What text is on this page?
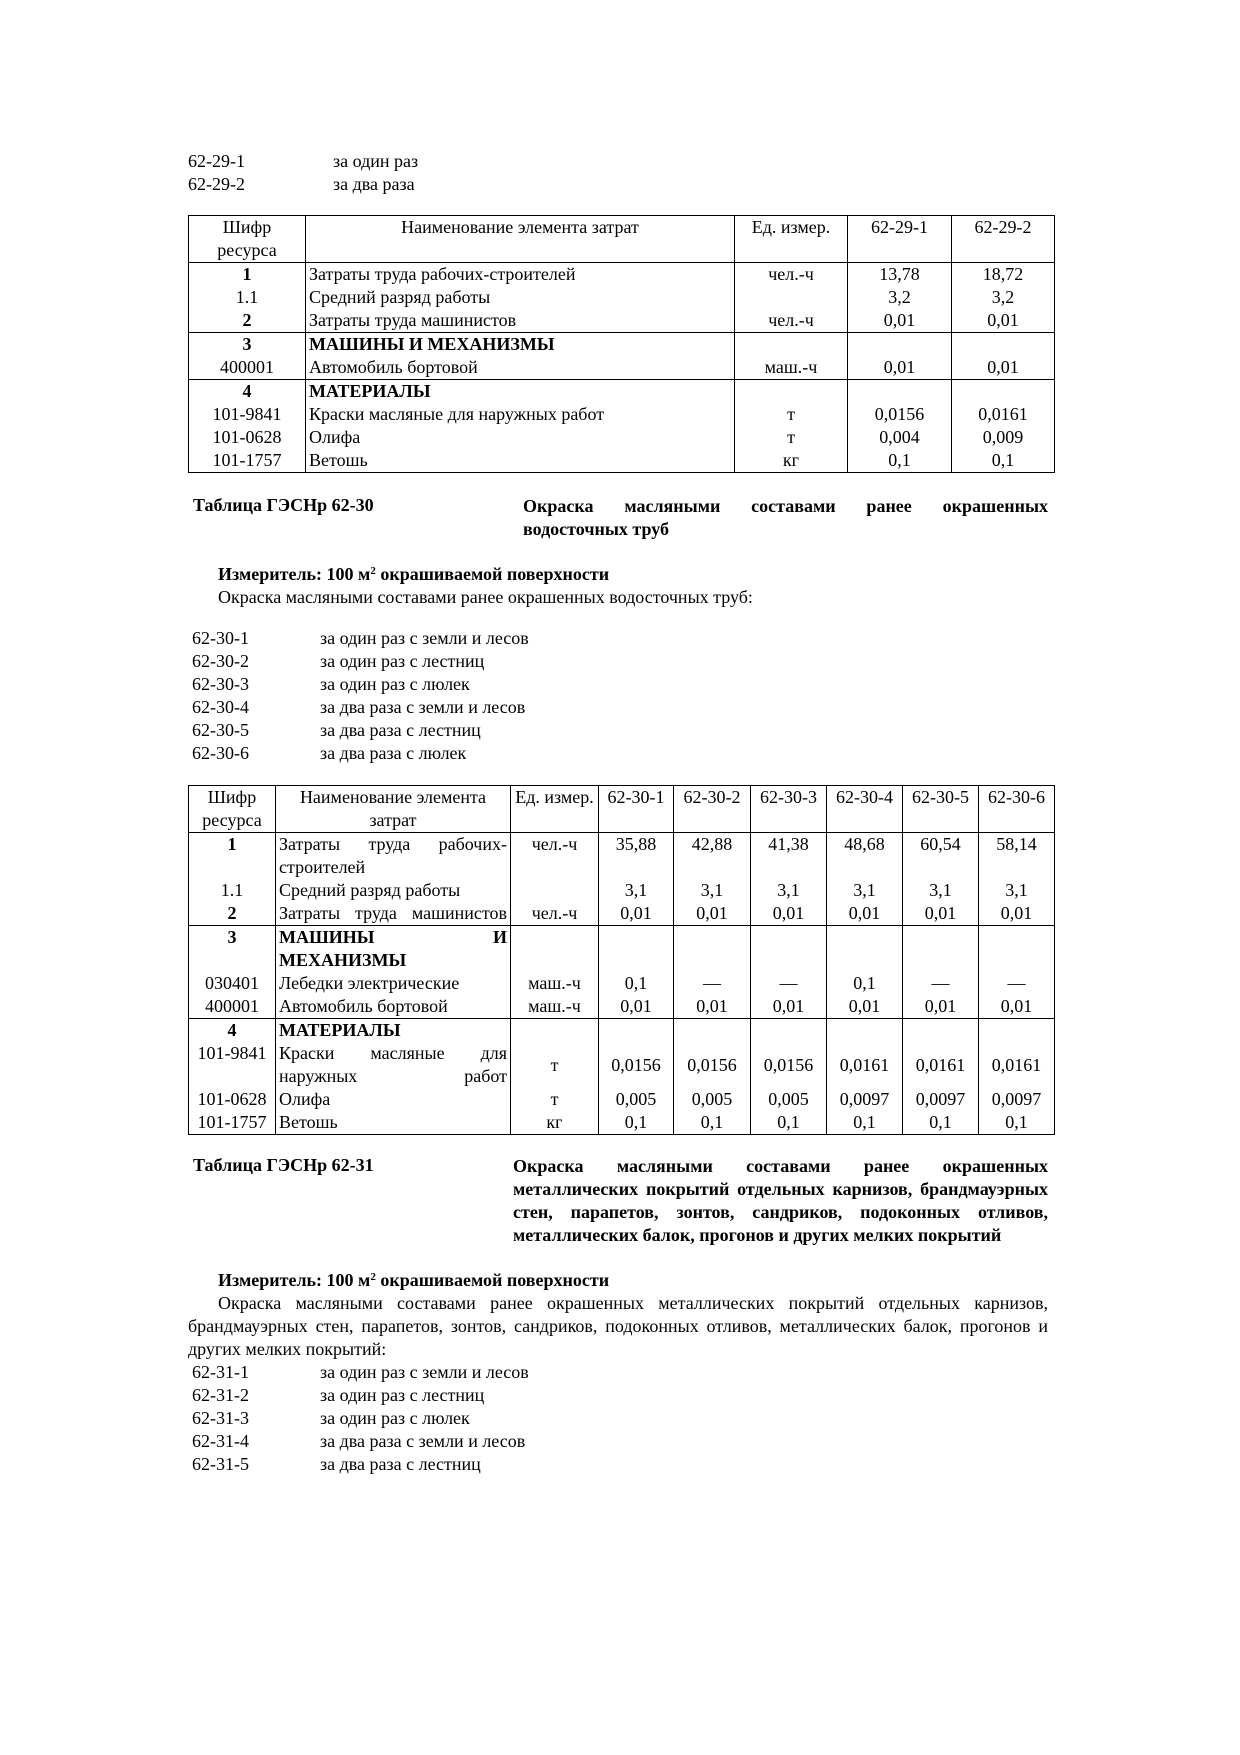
62-29-1	за один раз
62-29-2	за два раза
Шифр ресурса	Наименование элемента затрат	Ед. измер.	62-29-1	62-29-2
1	Затраты труда рабочих-строителей	чел.-ч	13,78	18,72
1.1	Средний разряд работы		3,2	3,2
2	Затраты труда машинистов	чел.-ч	0,01	0,01
3	МАШИНЫ И МЕХАНИЗМЫ			
400001	Автомобиль бортовой	маш.-ч	0,01	0,01
4	МАТЕРИАЛЫ			
101-9841	Краски масляные для наружных работ	т	0,0156	0,0161
101-0628	Олифа	т	0,004	0,009
101-1757	Ветошь	кг	0,1	0,1
Таблица ГЭСНр 62-30	Окраска масляными составами ранее окрашенных водосточных труб
Измеритель: 100 $м^2$ окрашиваемой поверхности
Окраска масляными составами ранее окрашенных водосточных труб:
62-30-1	за один раз с земли и лесов
62-30-2	за один раз с лестниц
62-30-3	за один раз с люлек
62-30-4	за два раза с земли и лесов
62-30-5	за два раза с лестниц
62-30-6	за два раза с люлек
Шифр ресурса	Наименование элемента затрат	Ед. измер.	62-30-1	62-30-2	62-30-3	62-30-4	62-30-5	62-30-6
1	Затраты труда рабочих-строителей	чел.-ч	35,88	42,88	41,38	48,68	60,54	58,14
1.1	Средний разряд работы		3,1	3,1	3,1	3,1	3,1	3,1
2	Затраты труда машинистов	чел.-ч	0,01	0,01	0,01	0,01	0,01	0,01
3	МАШИНЫ И МЕХАНИЗМЫ							
030401	Лебедки электрические	маш.-ч	0,1	—	—	0,1	—	—
400001	Автомобиль бортовой	маш.-ч	0,01	0,01	0,01	0,01	0,01	0,01
4	МАТЕРИАЛЫ							
101-9841	Краски масляные для наружных работ	т	0,0156	0,0156	0,0156	0,0161	0,0161	0,0161
101-0628	Олифа	т	0,005	0,005	0,005	0,0097	0,0097	0,0097
101-1757	Ветошь	кг	0,1	0,1	0,1	0,1	0,1	0,1
Таблица ГЭСНр 62-31	Окраска масляными составами ранее окрашенных металлических покрытий отдельных карнизов, брандмауэрных стен, парапетов, зонтов, сандриков, подоконных отливов, металлических балок, прогонов и других мелких покрытий
Измеритель: 100 $м^2$ окрашиваемой поверхности
Окраска масляными составами ранее окрашенных металлических покрытий отдельных карнизов, брандмауэрных стен, парапетов, зонтов, сандриков, подоконных отливов, металлических балок, прогонов и других мелких покрытий:
62-31-1	за один раз с земли и лесов
62-31-2	за один раз с лестниц
62-31-3	за один раз с люлек
62-31-4	за два раза с земли и лесов
62-31-5	за два раза с лестниц
